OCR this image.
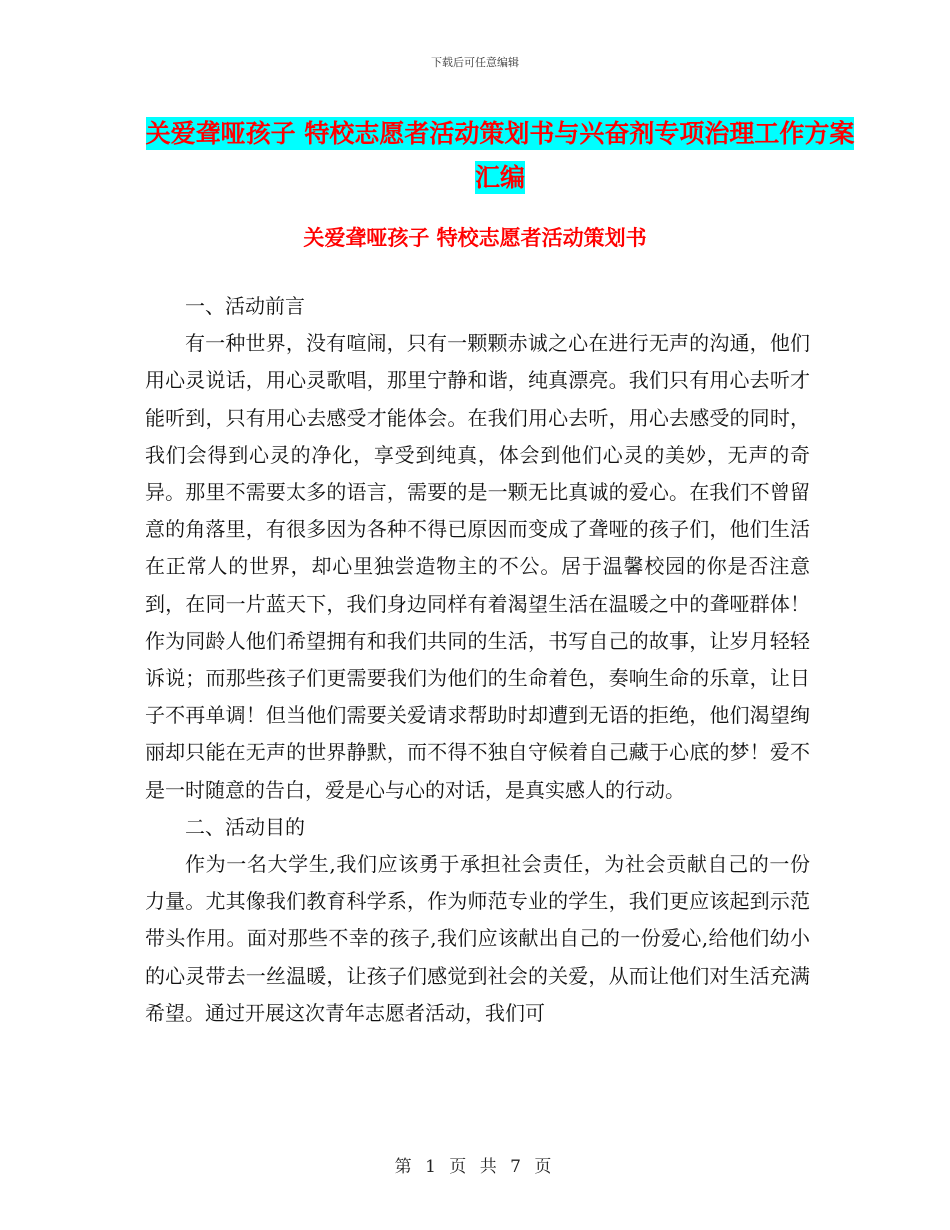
下载后可任意编辑
关爱聋哑孩子 特校志愿者活动策划书与兴奋剂专项治理工作方案汇编
关爱聋哑孩子 特校志愿者活动策划书

一、活动前言

有一种世界，没有喧闹，只有一颗颗赤诚之心在进行无声的沟通，他们用心灵说话，用心灵歌唱，那里宁静和谐，纯真漂亮。我们只有用心去听才能听到，只有用心去感受才能体会。在我们用心去听，用心去感受的同时，我们会得到心灵的净化，享受到纯真，体会到他们心灵的美妙，无声的奇异。那里不需要太多的语言，需要的是一颗无比真诚的爱心。在我们不曾留意的角落里，有很多因为各种不得已原因而变成了聋哑的孩子们，他们生活在正常人的世界，却心里独尝造物主的不公。居于温馨校园的你是否注意到，在同一片蓝天下，我们身边同样有着渴望生活在温暖之中的聋哑群体！作为同龄人他们希望拥有和我们共同的生活，书写自己的故事，让岁月轻轻诉说；而那些孩子们更需要我们为他们的生命着色，奏响生命的乐章，让日子不再单调！但当他们需要关爱请求帮助时却遭到无语的拒绝，他们渴望绚丽却只能在无声的世界静默，而不得不独自守候着自己藏于心底的梦！爱不是一时随意的告白，爱是心与心的对话，是真实感人的行动。

二、活动目的

作为一名大学生,我们应该勇于承担社会责任，为社会贡献自己的一份力量。尤其像我们教育科学系，作为师范专业的学生，我们更应该起到示范带头作用。面对那些不幸的孩子,我们应该献出自己的一份爱心,给他们幼小的心灵带去一丝温暖，让孩子们感觉到社会的关爱，从而让他们对生活充满希望。通过开展这次青年志愿者活动，我们可

第 1 页 共 7 页
